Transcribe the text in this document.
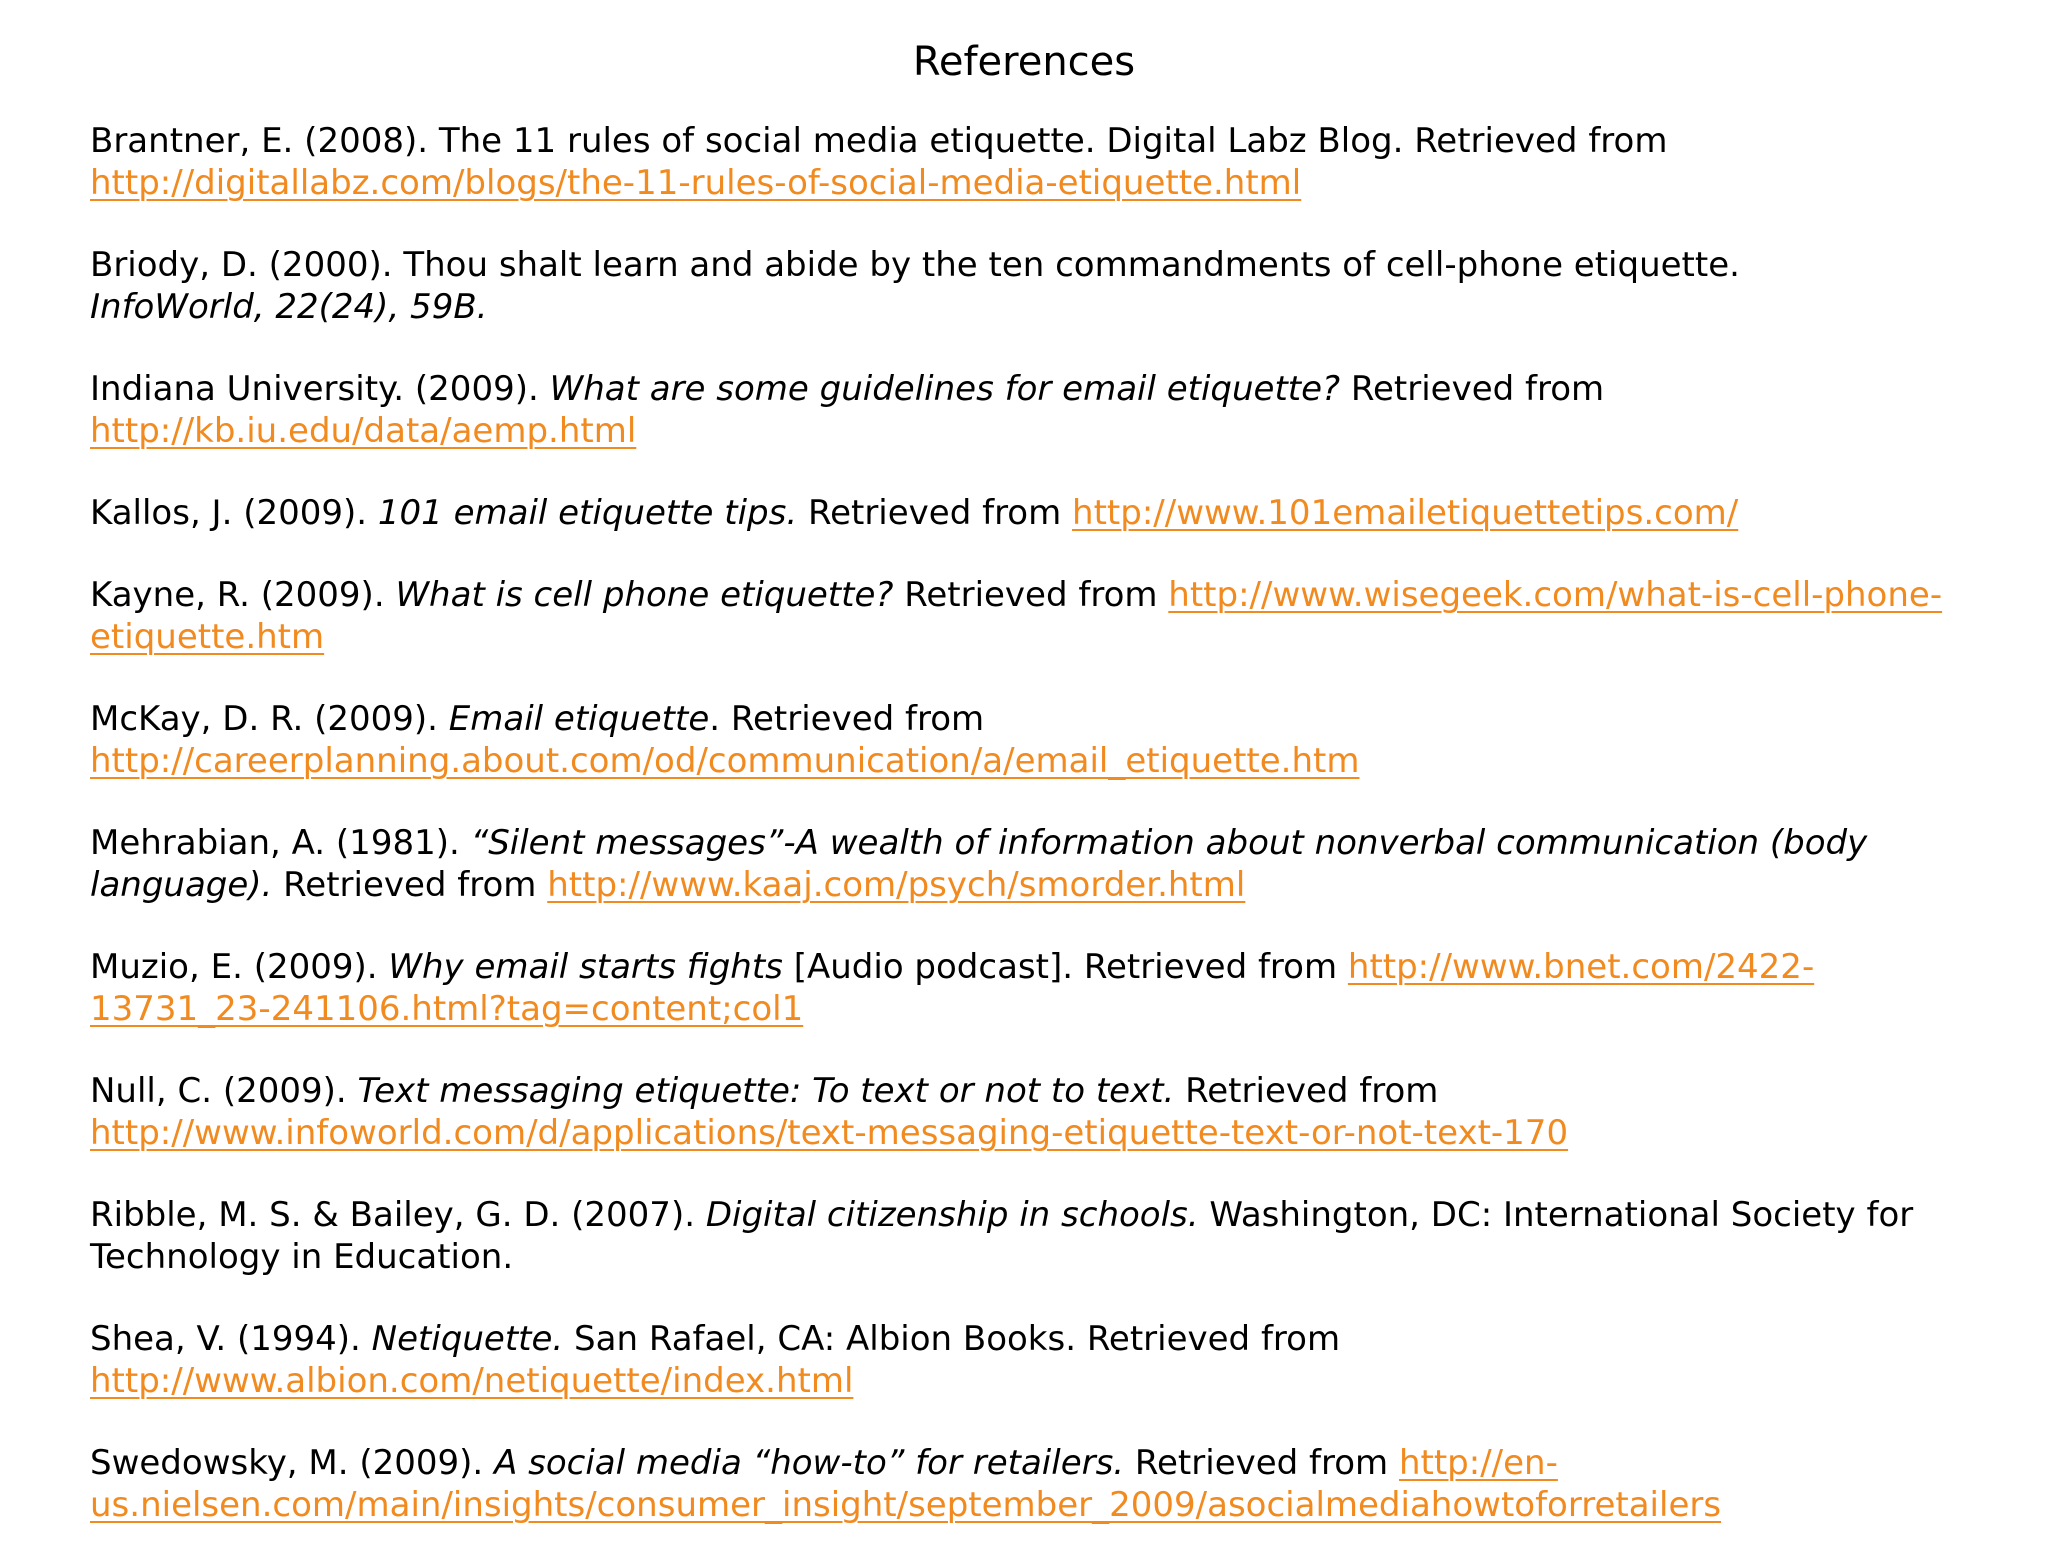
References
Brantner, E. (2008). The 11 rules of social media etiquette. Digital Labz Blog. Retrieved from
http://digitallabz.com/blogs/the-11-rules-of-social-media-etiquette.html
Briody, D. (2000). Thou shalt learn and abide by the ten commandments of cell-phone etiquette.
InfoWorld, 22(24), 59B.
Indiana University. (2009). What are some guidelines for email etiquette? Retrieved from
http://kb.iu.edu/data/aemp.html
Kallos, J. (2009). 101 email etiquette tips. Retrieved from http://www.101emailetiquettetips.com/
Kayne, R. (2009). What is cell phone etiquette? Retrieved from http://www.wisegeek.com/what-is-cell-phone-
etiquette.htm
McKay, D. R. (2009). Email etiquette. Retrieved from
http://careerplanning.about.com/od/communication/a/email_etiquette.htm
Mehrabian, A. (1981). “Silent messages”-A wealth of information about nonverbal communication (body
language). Retrieved from http://www.kaaj.com/psych/smorder.html
Muzio, E. (2009). Why email starts fights [Audio podcast]. Retrieved from http://www.bnet.com/2422-
13731_23-241106.html?tag=content;col1
Null, C. (2009). Text messaging etiquette: To text or not to text. Retrieved from
http://www.infoworld.com/d/applications/text-messaging-etiquette-text-or-not-text-170
Ribble, M. S. & Bailey, G. D. (2007). Digital citizenship in schools. Washington, DC: International Society for
Technology in Education.
Shea, V. (1994). Netiquette. San Rafael, CA: Albion Books. Retrieved from
http://www.albion.com/netiquette/index.html
Swedowsky, M. (2009). A social media “how-to” for retailers. Retrieved from http://en-
us.nielsen.com/main/insights/consumer_insight/september_2009/asocialmediahowtoforretailers
